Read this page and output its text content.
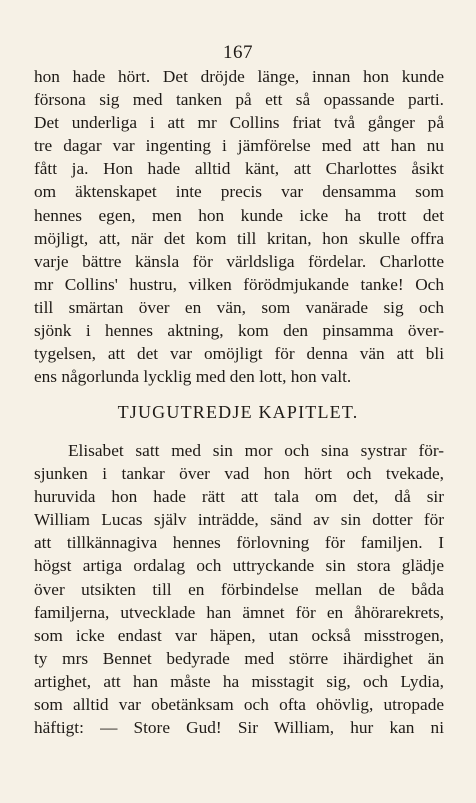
167
hon hade hört. Det dröjde länge, innan hon kunde
försona sig med tanken på ett så opassande parti.
Det underliga i att mr Collins friat två gånger på
tre dagar var ingenting i jämförelse med att han nu
fått ja. Hon hade alltid känt, att Charlottes åsikt
om äktenskapet inte precis var densamma som
hennes egen, men hon kunde icke ha trott det
möjligt, att, när det kom till kritan, hon skulle offra
varje bättre känsla för världsliga fördelar. Charlotte
mr Collins' hustru, vilken förödmjukande tanke! Och
till smärtan över en vän, som vanärade sig och
sjönk i hennes aktning, kom den pinsamma över-
tygelsen, att det var omöjligt för denna vän att bli
ens någorlunda lycklig med den lott, hon valt.
TJUGUTREDJE KAPITLET.
Elisabet satt med sin mor och sina systrar för-
sjunken i tankar över vad hon hört och tvekade,
huruvida hon hade rätt att tala om det, då sir
William Lucas själv inträdde, sänd av sin dotter för
att tillkännagiva hennes förlovning för familjen. I
högst artiga ordalag och uttryckande sin stora glädje
över utsikten till en förbindelse mellan de båda
familjerna, utvecklade han ämnet för en åhörarekrets,
som icke endast var häpen, utan också misstrogen,
ty mrs Bennet bedyrade med större ihärdighet än
artighet, att han måste ha misstagit sig, och Lydia,
som alltid var obetänksam och ofta ohövlig, utropade
häftigt: — Store Gud! Sir William, hur kan ni
